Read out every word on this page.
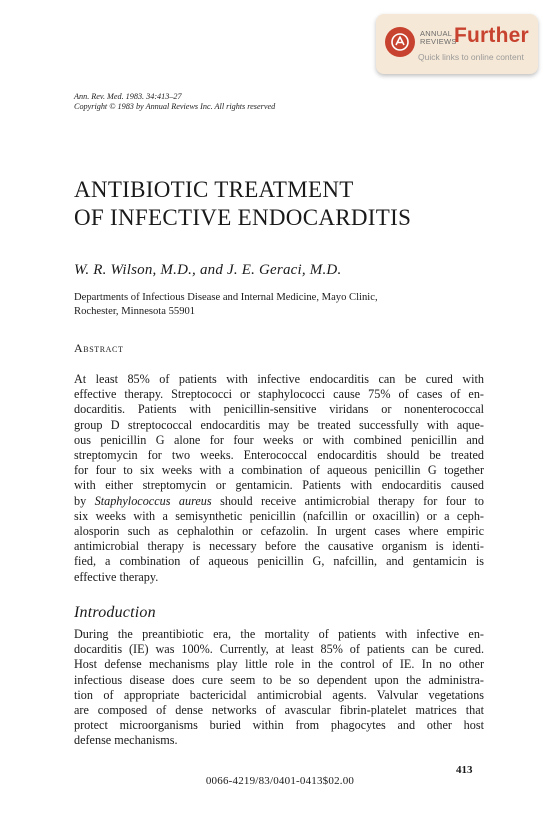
ANNUAL
REVIEWS
Further
Quick links to online content
Ann. Rev. Med. 1983. 34:413–27
Copyright © 1983 by Annual Reviews Inc. All rights reserved
ANTIBIOTIC TREATMENT
OF INFECTIVE ENDOCARDITIS
W. R. Wilson, M.D., and J. E. Geraci, M.D.
Departments of Infectious Disease and Internal Medicine, Mayo Clinic,
Rochester, Minnesota 55901
Abstract
At least 85% of patients with infective endocarditis can be cured with
effective therapy. Streptococci or staphylococci cause 75% of cases of en-
docarditis. Patients with penicillin-sensitive viridans or nonenterococcal
group D streptococcal endocarditis may be treated successfully with aque-
ous penicillin G alone for four weeks or with combined penicillin and
streptomycin for two weeks. Enterococcal endocarditis should be treated
for four to six weeks with a combination of aqueous penicillin G together
with either streptomycin or gentamicin. Patients with endocarditis caused
by Staphylococcus aureus should receive antimicrobial therapy for four to
six weeks with a semisynthetic penicillin (nafcillin or oxacillin) or a ceph-
alosporin such as cephalothin or cefazolin. In urgent cases where empiric
antimicrobial therapy is necessary before the causative organism is identi-
fied, a combination of aqueous penicillin G, nafcillin, and gentamicin is
effective therapy.
Introduction
During the preantibiotic era, the mortality of patients with infective en-
docarditis (IE) was 100%. Currently, at least 85% of patients can be cured.
Host defense mechanisms play little role in the control of IE. In no other
infectious disease does cure seem to be so dependent upon the administra-
tion of appropriate bactericidal antimicrobial agents. Valvular vegetations
are composed of dense networks of avascular fibrin-platelet matrices that
protect microorganisms buried within from phagocytes and other host
defense mechanisms.
413
0066-4219/83/0401-0413$02.00
